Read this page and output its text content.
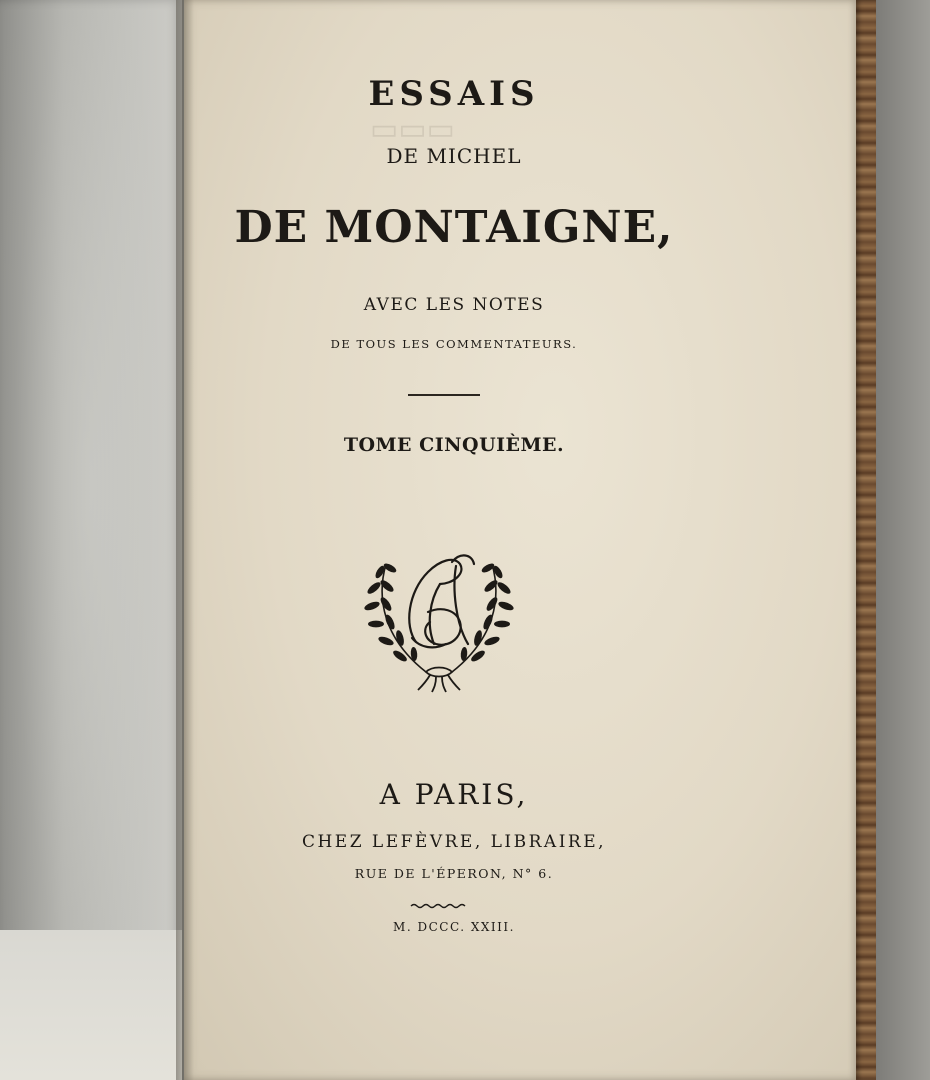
▭▭▭
ESSAIS
DE MICHEL
DE MONTAIGNE,
AVEC LES NOTES
DE TOUS LES COMMENTATEURS.
TOME CINQUIÈME.
A PARIS,
CHEZ LEFÈVRE, LIBRAIRE,
RUE DE L'ÉPERON, N° 6.
M. DCCC. XXIII.
